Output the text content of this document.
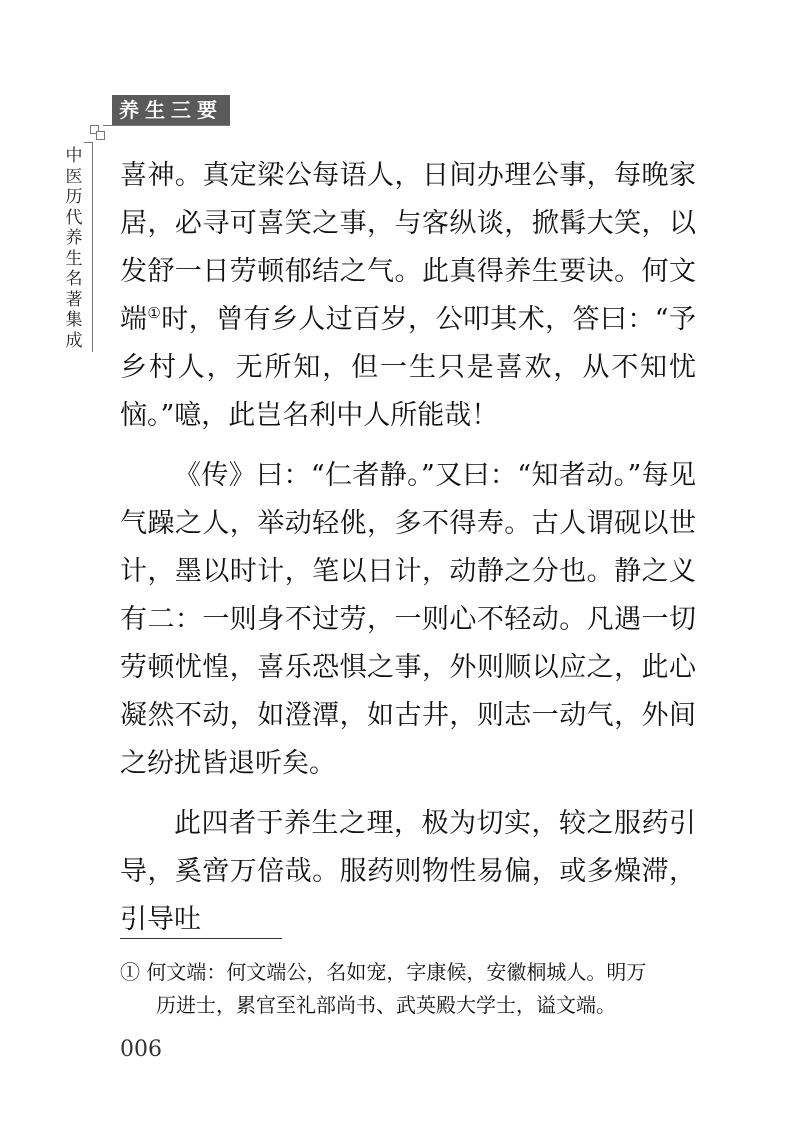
养生三要
中
医
历
代
养
生
名
著
集
成

喜神。真定梁公每语人，日间办理公事，每晚家居，必寻可喜笑之事，与客纵谈，掀髯大笑，以发舒一日劳顿郁结之气。此真得养生要诀。何文端①时，曾有乡人过百岁，公叩其术，答曰：“予乡村人，无所知，但一生只是喜欢，从不知忧恼。”噫，此岂名利中人所能哉！

《传》曰：“仁者静。”又曰：“知者动。”每见气躁之人，举动轻佻，多不得寿。古人谓砚以世计，墨以时计，笔以日计，动静之分也。静之义有二：一则身不过劳，一则心不轻动。凡遇一切劳顿忧惶，喜乐恐惧之事，外则顺以应之，此心凝然不动，如澄潭，如古井，则志一动气，外间之纷扰皆退听矣。

此四者于养生之理，极为切实，较之服药引导，奚啻万倍哉。服药则物性易偏，或多燥滞，引导吐

① 何文端：何文端公，名如宠，字康候，安徽桐城人。明万
历进士，累官至礼部尚书、武英殿大学士，谥文端。
006
